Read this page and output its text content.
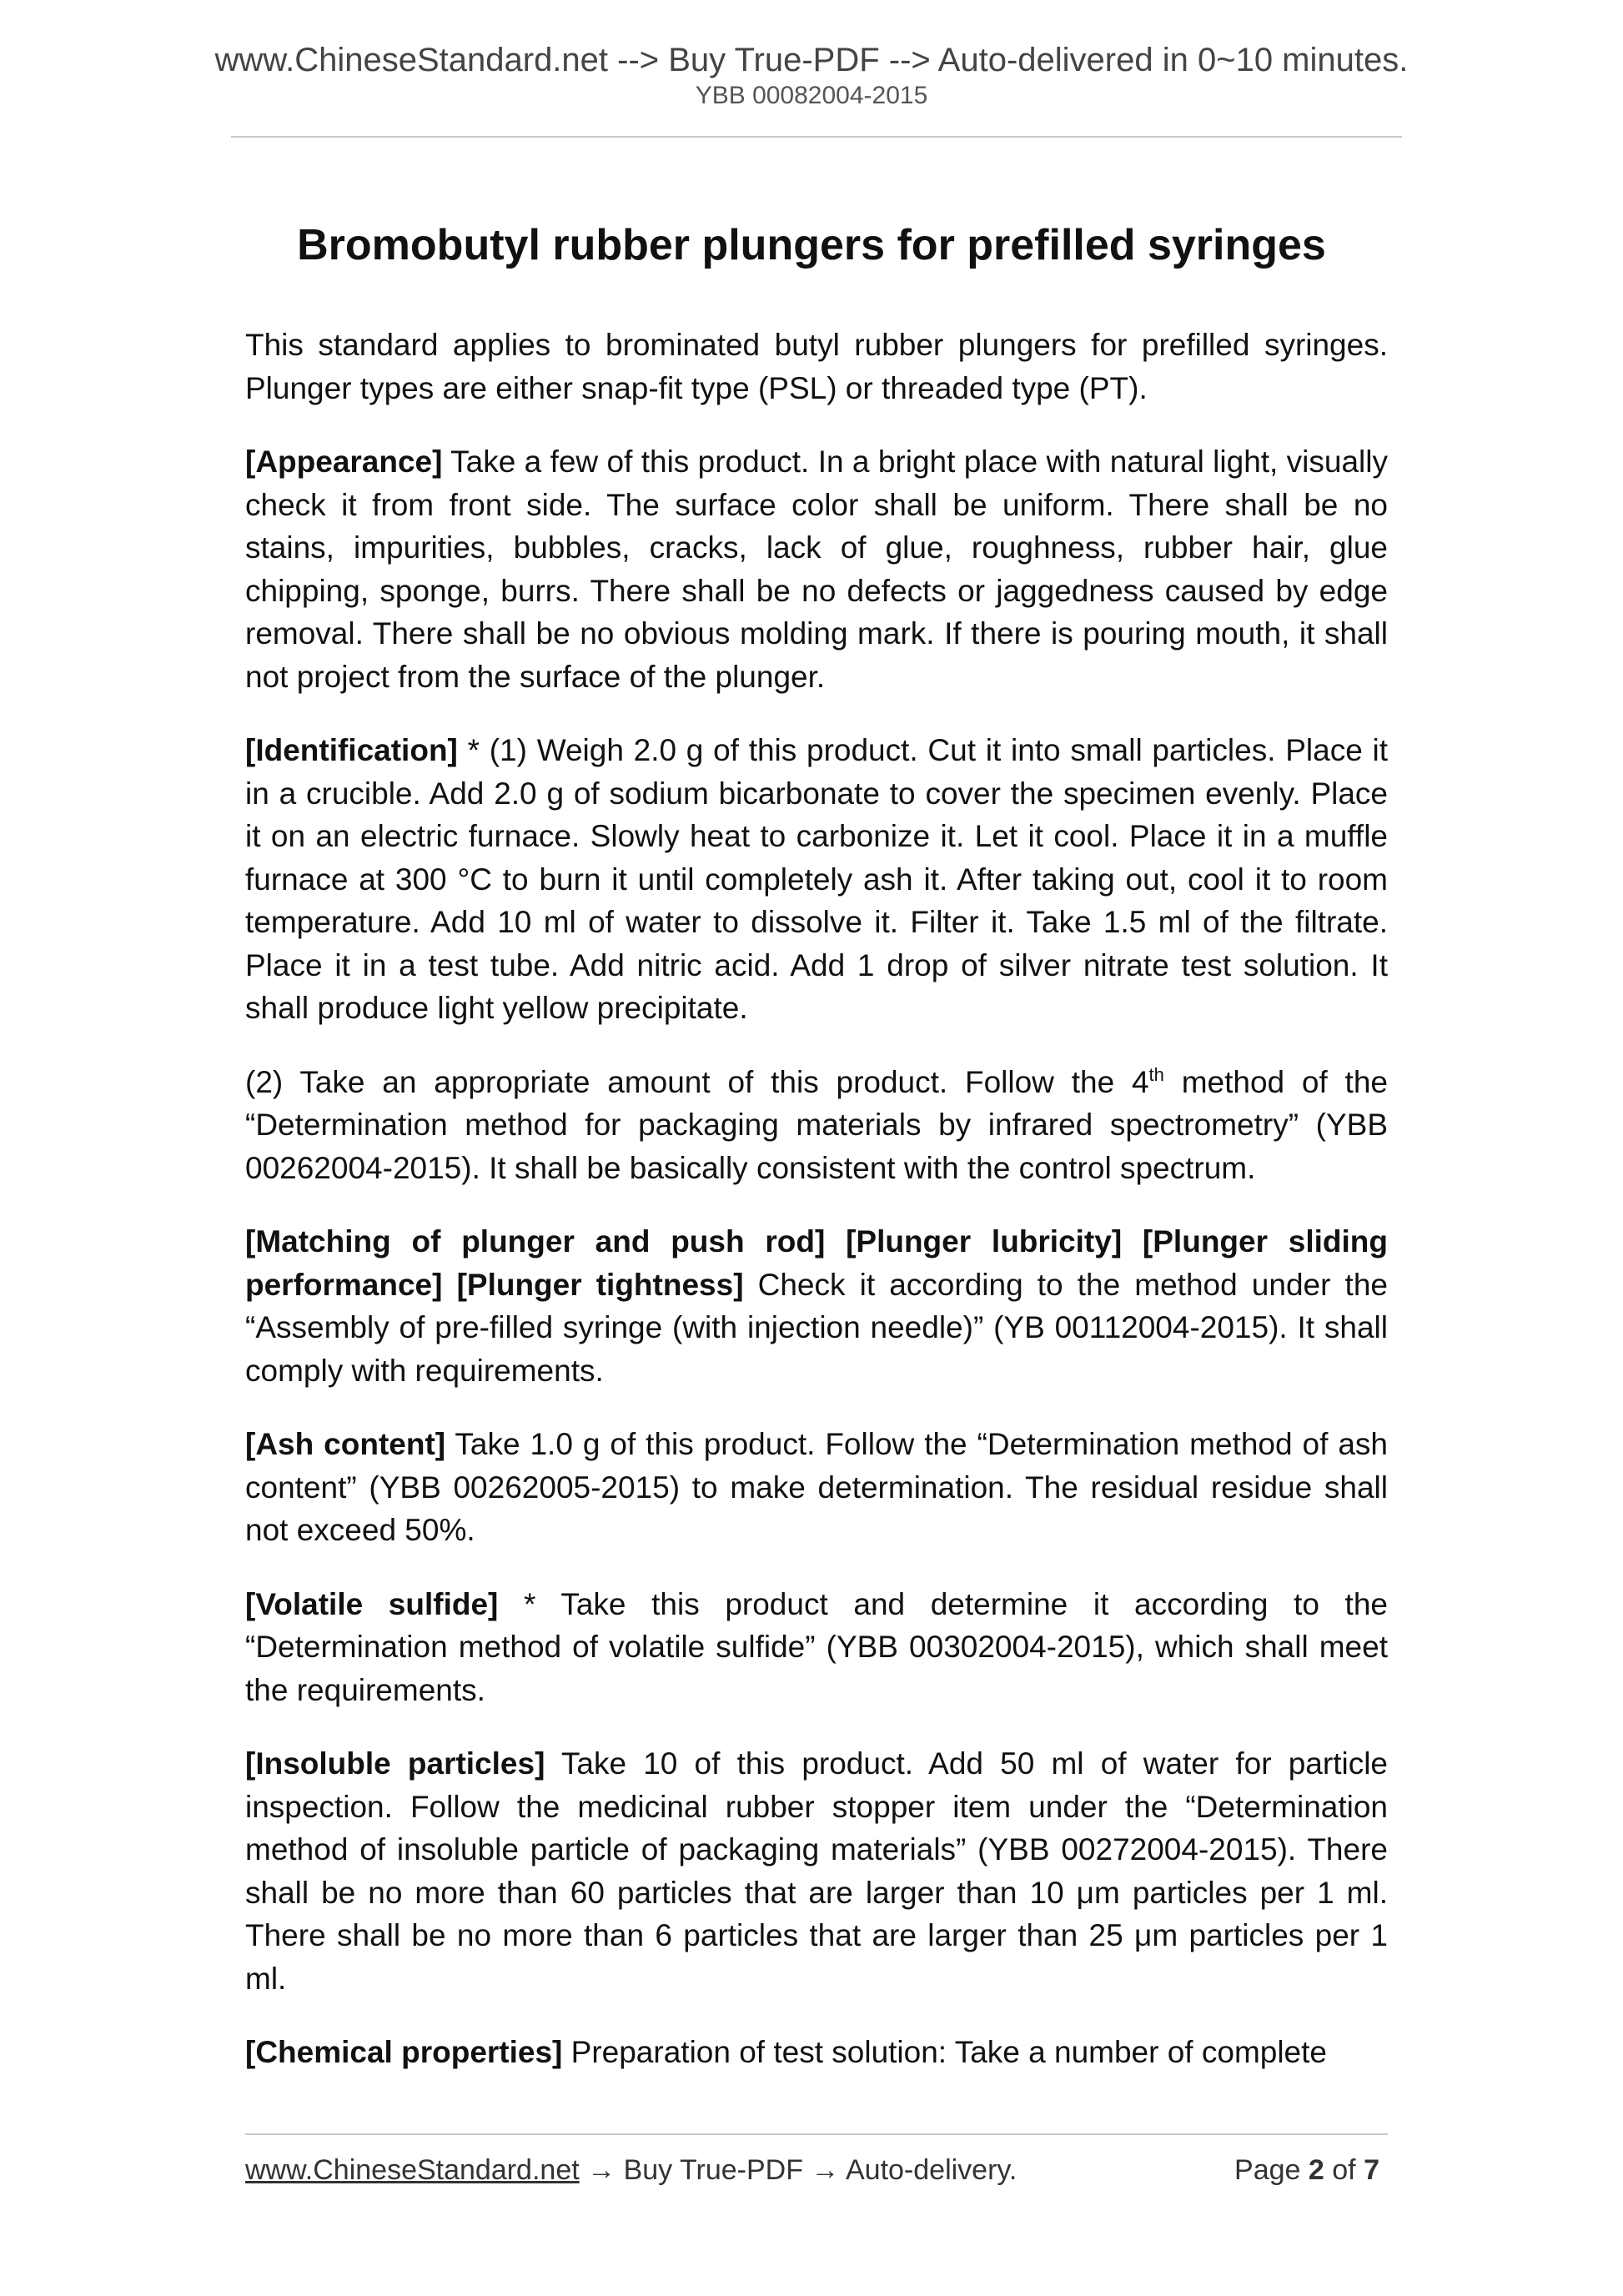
www.ChineseStandard.net --> Buy True-PDF --> Auto-delivered in 0~10 minutes.
YBB 00082004-2015
Bromobutyl rubber plungers for prefilled syringes

This standard applies to brominated butyl rubber plungers for prefilled syringes. Plunger types are either snap-fit type (PSL) or threaded type (PT).

[Appearance] Take a few of this product. In a bright place with natural light, visually check it from front side. The surface color shall be uniform. There shall be no stains, impurities, bubbles, cracks, lack of glue, roughness, rubber hair, glue chipping, sponge, burrs. There shall be no defects or jaggedness caused by edge removal. There shall be no obvious molding mark. If there is pouring mouth, it shall not project from the surface of the plunger.

[Identification] * (1) Weigh 2.0 g of this product. Cut it into small particles. Place it in a crucible. Add 2.0 g of sodium bicarbonate to cover the specimen evenly. Place it on an electric furnace. Slowly heat to carbonize it. Let it cool. Place it in a muffle furnace at 300 °C to burn it until completely ash it. After taking out, cool it to room temperature. Add 10 ml of water to dissolve it. Filter it. Take 1.5 ml of the filtrate. Place it in a test tube. Add nitric acid. Add 1 drop of silver nitrate test solution. It shall produce light yellow precipitate.

(2) Take an appropriate amount of this product. Follow the 4th method of the “Determination method for packaging materials by infrared spectrometry” (YBB 00262004-2015). It shall be basically consistent with the control spectrum.

[Matching of plunger and push rod] [Plunger lubricity] [Plunger sliding performance] [Plunger tightness] Check it according to the method under the “Assembly of pre-filled syringe (with injection needle)” (YB 00112004-2015). It shall comply with requirements.

[Ash content] Take 1.0 g of this product. Follow the “Determination method of ash content” (YBB 00262005-2015) to make determination. The residual residue shall not exceed 50%.

[Volatile sulfide] * Take this product and determine it according to the “Determination method of volatile sulfide” (YBB 00302004-2015), which shall meet the requirements.

[Insoluble particles] Take 10 of this product. Add 50 ml of water for particle inspection. Follow the medicinal rubber stopper item under the “Determination method of insoluble particle of packaging materials” (YBB 00272004-2015). There shall be no more than 60 particles that are larger than 10 μm particles per 1 ml. There shall be no more than 6 particles that are larger than 25 μm particles per 1 ml.

[Chemical properties] Preparation of test solution: Take a number of complete

www.ChineseStandard.net → Buy True-PDF → Auto-delivery.	Page 2 of 7
